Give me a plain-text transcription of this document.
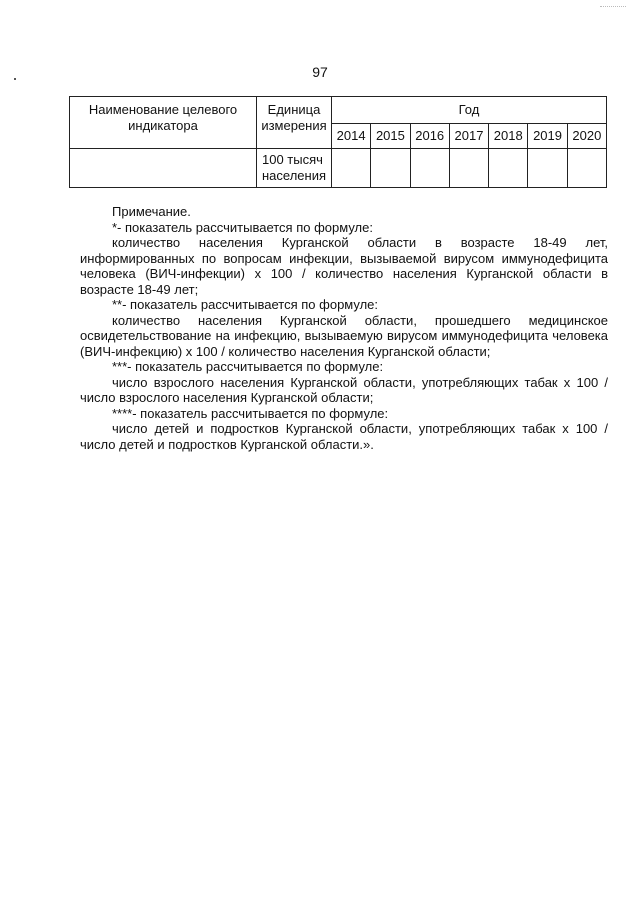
97
Наименование целевого индикатора	Единица измерения	Год						
		2014	2015	2016	2017	2018	2019	2020
	100 тысяч населения							

Примечание.

*- показатель рассчитывается по формуле:

количество населения Курганской области в возрасте 18-49 лет, информированных по вопросам инфекции, вызываемой вирусом иммунодефицита человека (ВИЧ-инфекции) х 100 / количество населения Курганской области в возрасте 18-49 лет;

**- показатель рассчитывается по формуле:

количество населения Курганской области, прошедшего медицинское освидетельствование на инфекцию, вызываемую вирусом иммунодефицита человека (ВИЧ-инфекцию) х 100 / количество населения Курганской области;

***- показатель рассчитывается по формуле:

число взрослого населения Курганской области, употребляющих табак х 100 / число взрослого населения Курганской области;

****- показатель рассчитывается по формуле:

число детей и подростков Курганской области, употребляющих табак х 100 / число детей и подростков Курганской области.».
